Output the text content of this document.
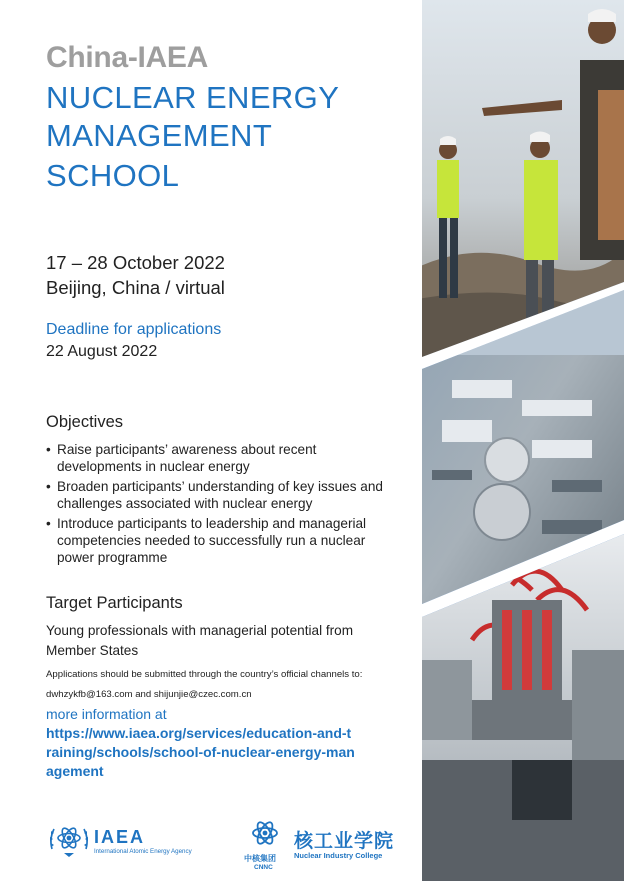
China-IAEA
NUCLEAR ENERGY
MANAGEMENT
SCHOOL
17 – 28 October 2022
Beijing, China / virtual
Deadline for applications
22 August 2022
Objectives
• Raise participants’ awareness about recent developments in nuclear energy
• Broaden participants’ understanding of key issues and challenges associated with nuclear energy
• Introduce participants to leadership and managerial competencies needed to successfully run a nuclear power programme
Target Participants
Young professionals with managerial potential from Member States
Applications should be submitted through the country’s official channels to:
dwhzykfb@163.com and shijunjie@czec.com.cn
more information at
https://www.iaea.org/services/education-and-training/schools/school-of-nuclear-energy-management
IAEA
International Atomic Energy Agency
中核集团
CNNC
核工业学院
Nuclear Industry College
